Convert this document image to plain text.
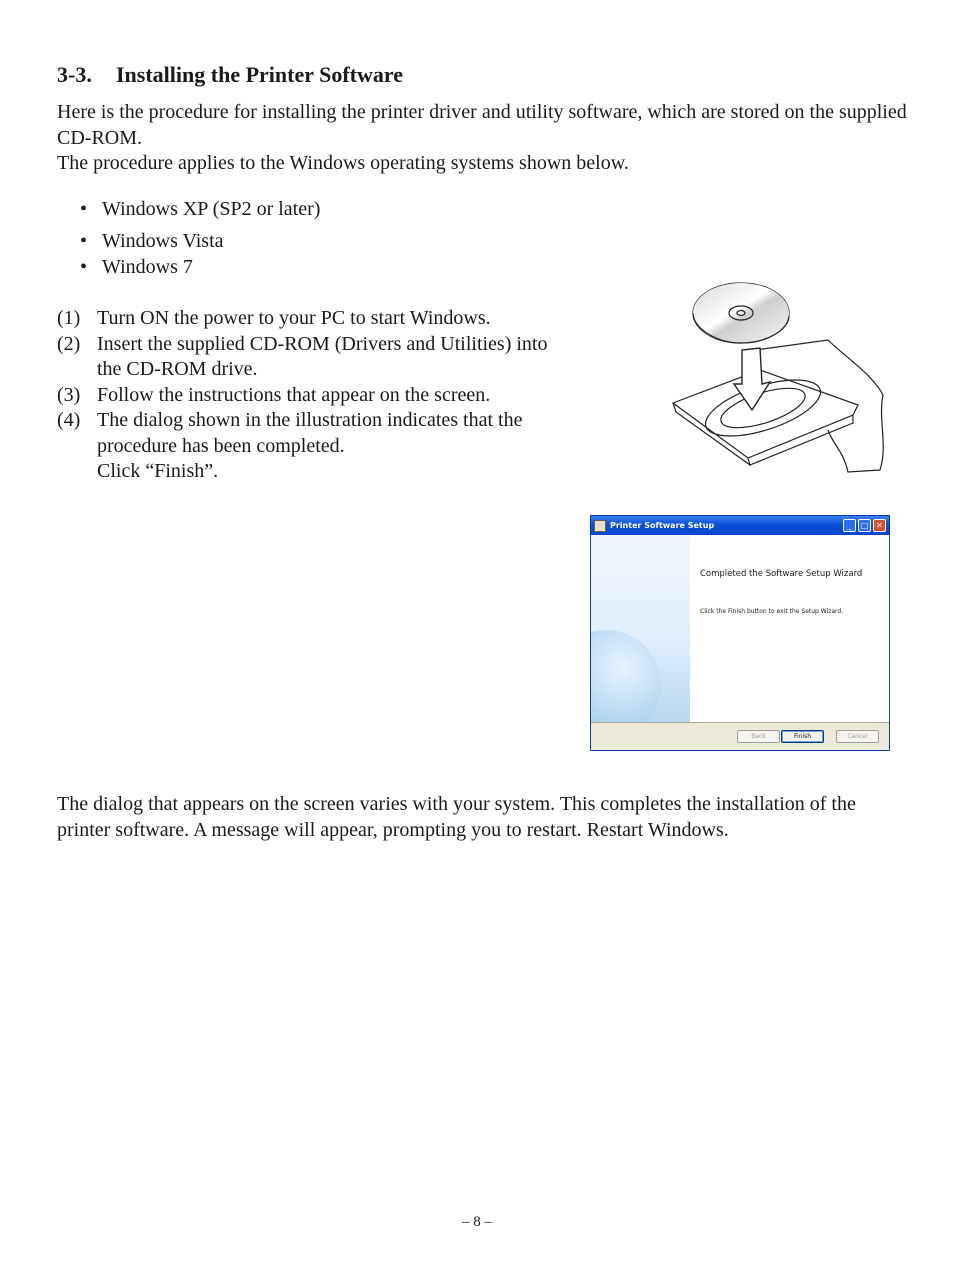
3-3. Installing the Printer Software

Here is the procedure for installing the printer driver and utility software, which are stored on the supplied CD-ROM.

The procedure applies to the Windows operating systems shown below.

• Windows XP (SP2 or later)
• Windows Vista
• Windows 7
(1) Turn ON the power to your PC to start Windows.
(2) Insert the supplied CD-ROM (Drivers and Utilities) into the CD-ROM drive.
(3) Follow the instructions that appear on the screen.
(4) The dialog shown in the illustration indicates that the procedure has been completed.
Click “Finish”.
Printer Software Setup	_	□ ✕
Completed the Software Setup Wizard
Click the Finish button to exit the Setup Wizard.
Back	Finish	Cancel

The dialog that appears on the screen varies with your system. This completes the installation of the printer software. A message will appear, prompting you to restart. Restart Windows.

– 8 –
